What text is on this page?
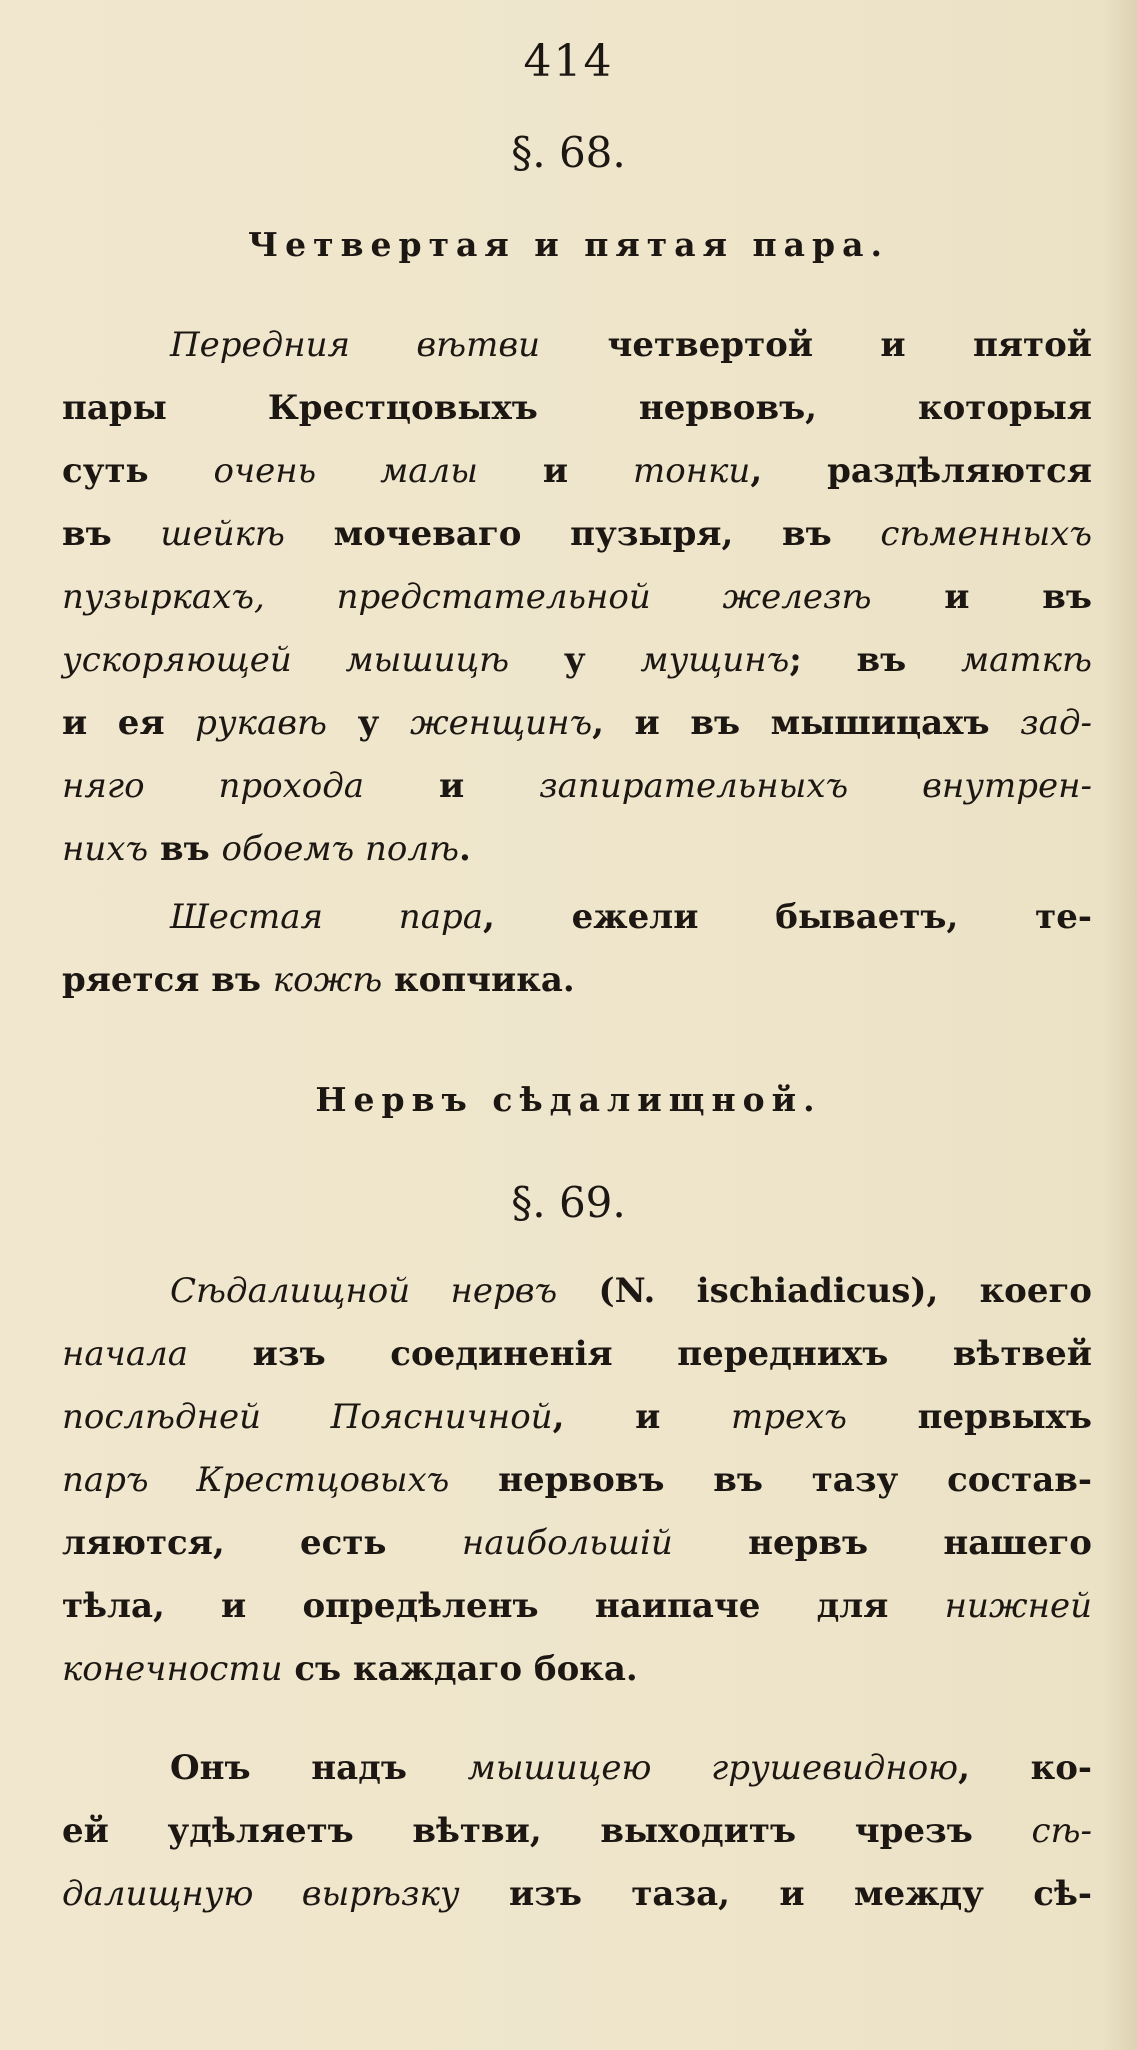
414
§. 68.
Четвертая и пятая пара.
Передния вѣтви четвертой и пятой
пары Крестцовыхъ нервовъ, которыя
суть очень малы и тонки, раздѣляются
въ шейкѣ мочеваго пузыря, въ сѣменныхъ
пузыркахъ, предстательной железѣ и въ
ускоряющей мышицѣ у мущинъ; въ маткѣ
и ея рукавѣ у женщинъ, и въ мышицахъ зад-
няго прохода и запирательныхъ внутрен-
нихъ въ обоемъ полѣ.
Шестая пара, ежели бываетъ, те-
ряется въ кожѣ копчика.
Нервъ сѣдалищной.
§. 69.
Сѣдалищной нервъ (N. ischiadicus), коего
начала изъ соединенія переднихъ вѣтвей
послѣдней Поясничной, и трехъ первыхъ
паръ Крестцовыхъ нервовъ въ тазу состав-
ляются, есть наибольшій нервъ нашего
тѣла, и опредѣленъ наипаче для нижней
конечности съ каждаго бока.
Онъ надъ мышицею грушевидною, ко-
ей удѣляетъ вѣтви, выходитъ чрезъ сѣ-
далищную вырѣзку изъ таза, и между сѣ-
